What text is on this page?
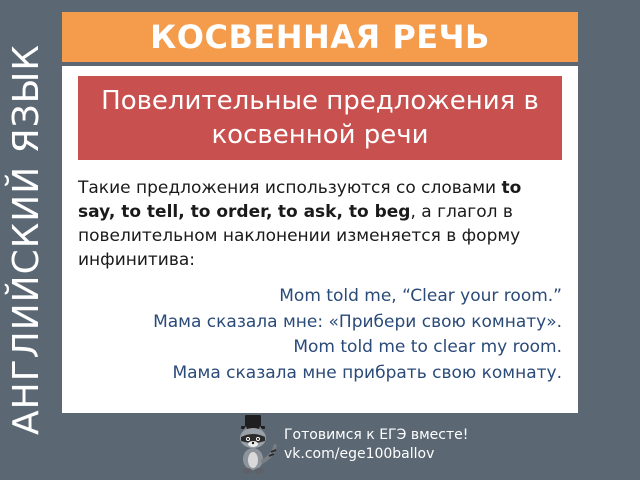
АНГЛИЙСКИЙ ЯЗЫК
КОСВЕННАЯ РЕЧЬ
Повелительные предложения в
косвенной речи
Такие предложения используются со словами to say, to tell, to order, to ask, to beg, а глагол в повелительном наклонении изменяется в форму инфинитива:
Mom told me, “Clear your room.”
Мама сказала мне: «Прибери свою комнату».
Mom told me to clear my room.
Мама сказала мне прибрать свою комнату.
Готовимся к ЕГЭ вместе!
vk.com/ege100ballov
